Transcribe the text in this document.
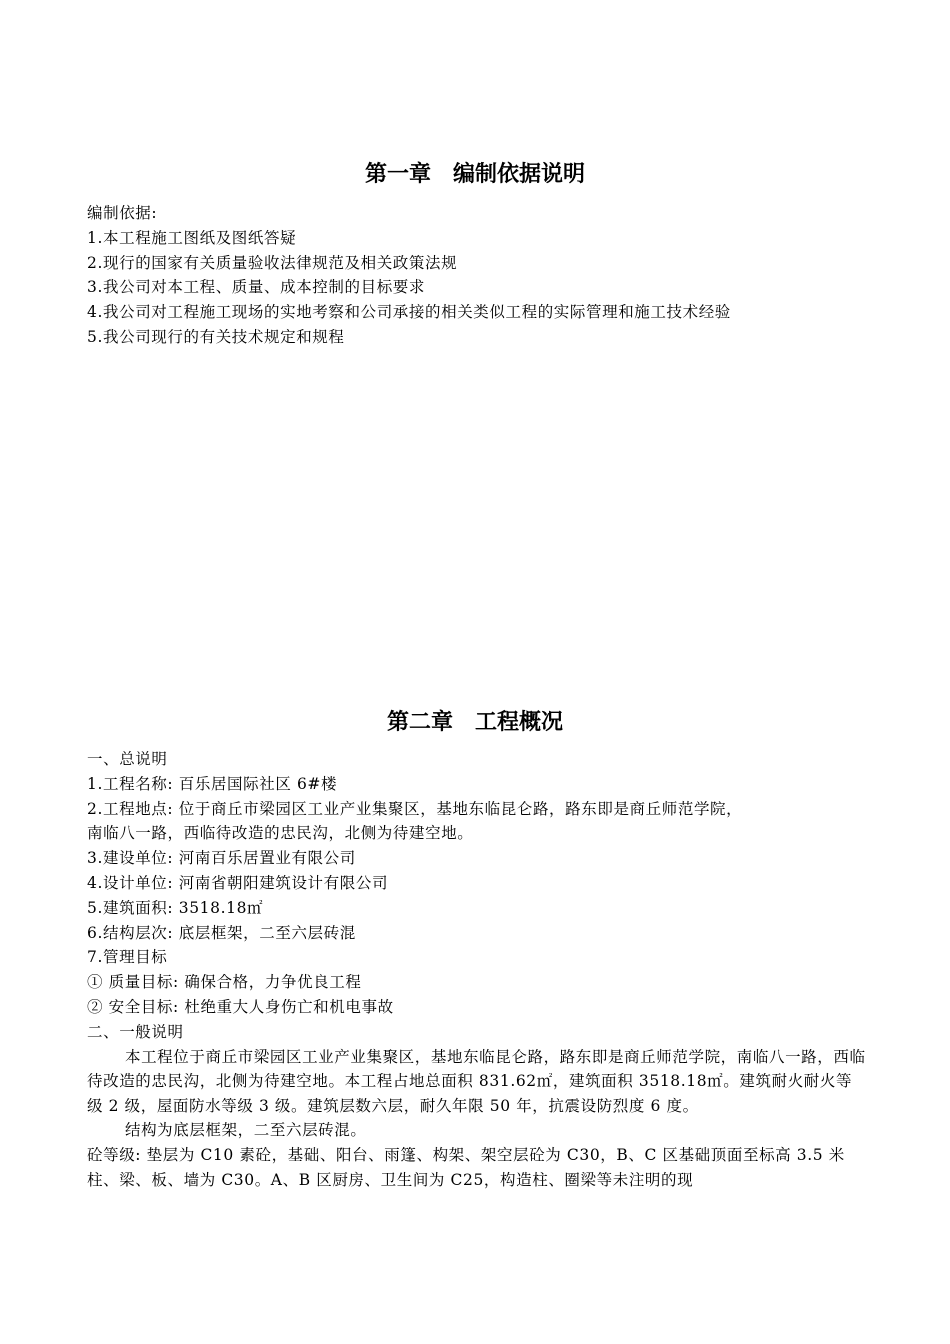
第一章　编制依据说明
编制依据:
1.本工程施工图纸及图纸答疑
2.现行的国家有关质量验收法律规范及相关政策法规
3.我公司对本工程、质量、成本控制的目标要求
4.我公司对工程施工现场的实地考察和公司承接的相关类似工程的实际管理和施工技术经验
5.我公司现行的有关技术规定和规程
第二章　工程概况
一、总说明
1.工程名称: 百乐居国际社区 6#楼
2.工程地点: 位于商丘市梁园区工业产业集聚区，基地东临昆仑路，路东即是商丘师范学院，
南临八一路，西临待改造的忠民沟，北侧为待建空地。
3.建设单位: 河南百乐居置业有限公司
4.设计单位: 河南省朝阳建筑设计有限公司
5.建筑面积: 3518.18㎡
6.结构层次: 底层框架，二至六层砖混
7.管理目标
① 质量目标: 确保合格，力争优良工程
② 安全目标: 杜绝重大人身伤亡和机电事故
二、一般说明
本工程位于商丘市梁园区工业产业集聚区，基地东临昆仑路，路东即是商丘师范学院，南临八一路，西临待改造的忠民沟，北侧为待建空地。本工程占地总面积 831.62㎡，建筑面积 3518.18㎡。建筑耐火耐火等级 2 级，屋面防水等级 3 级。建筑层数六层，耐久年限 50 年，抗震设防烈度 6 度。
结构为底层框架，二至六层砖混。
砼等级: 垫层为 C10 素砼，基础、阳台、雨篷、构架、架空层砼为 C30，B、C 区基础顶面至标高 3.5 米柱、梁、板、墙为 C30。A、B 区厨房、卫生间为 C25，构造柱、圈梁等未注明的现
